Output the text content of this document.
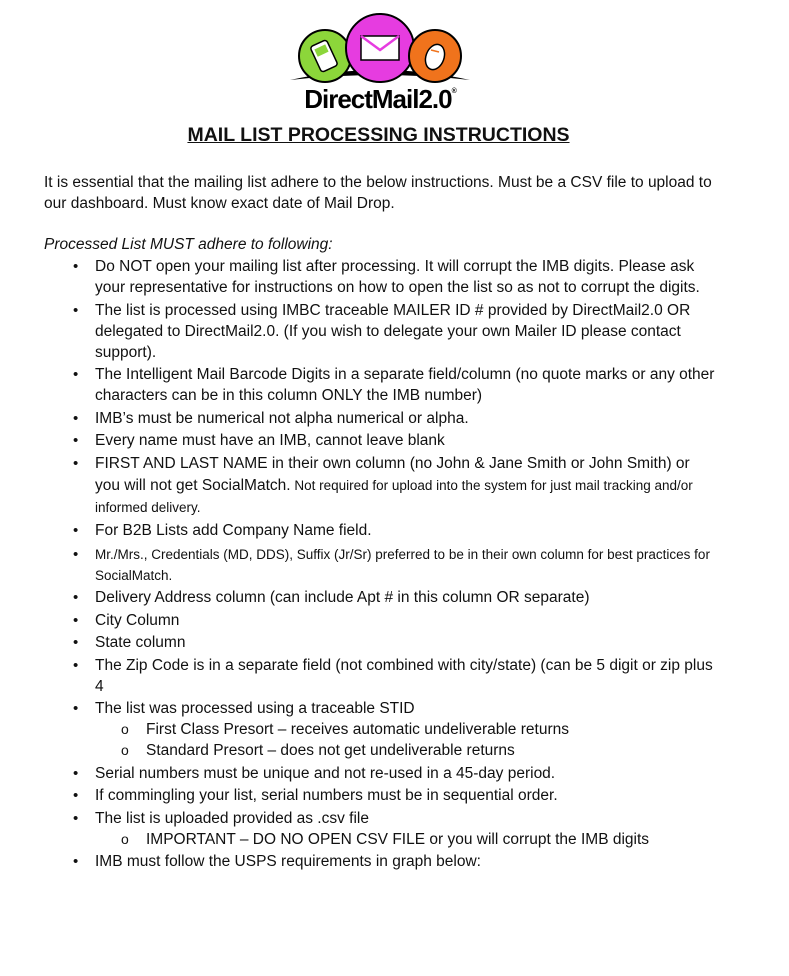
DirectMail2.0®
MAIL LIST PROCESSING INSTRUCTIONS

It is essential that the mailing list adhere to the below instructions. Must be a CSV file to upload to our dashboard. Must know exact date of Mail Drop.

Processed List MUST adhere to following:

• Do NOT open your mailing list after processing. It will corrupt the IMB digits. Please ask your representative for instructions on how to open the list so as not to corrupt the digits.
• The list is processed using IMBC traceable MAILER ID # provided by DirectMail2.0 OR delegated to DirectMail2.0. (If you wish to delegate your own Mailer ID please contact support).
• The Intelligent Mail Barcode Digits in a separate field/column (no quote marks or any other characters can be in this column ONLY the IMB number)
• IMB’s must be numerical not alpha numerical or alpha.
• Every name must have an IMB, cannot leave blank
• FIRST AND LAST NAME in their own column (no John & Jane Smith or John Smith) or you will not get SocialMatch. Not required for upload into the system for just mail tracking and/or informed delivery.
• For B2B Lists add Company Name field.
• Mr./Mrs., Credentials (MD, DDS), Suffix (Jr/Sr) preferred to be in their own column for best practices for SocialMatch.
• Delivery Address column (can include Apt # in this column OR separate)
• City Column
• State column
• The Zip Code is in a separate field (not combined with city/state) (can be 5 digit or zip plus 4
• The list was processed using a traceable STID
o First Class Presort – receives automatic undeliverable returns
o Standard Presort – does not get undeliverable returns
• Serial numbers must be unique and not re-used in a 45-day period.
• If commingling your list, serial numbers must be in sequential order.
• The list is uploaded provided as .csv file
o IMPORTANT – DO NO OPEN CSV FILE or you will corrupt the IMB digits
• IMB must follow the USPS requirements in graph below:
